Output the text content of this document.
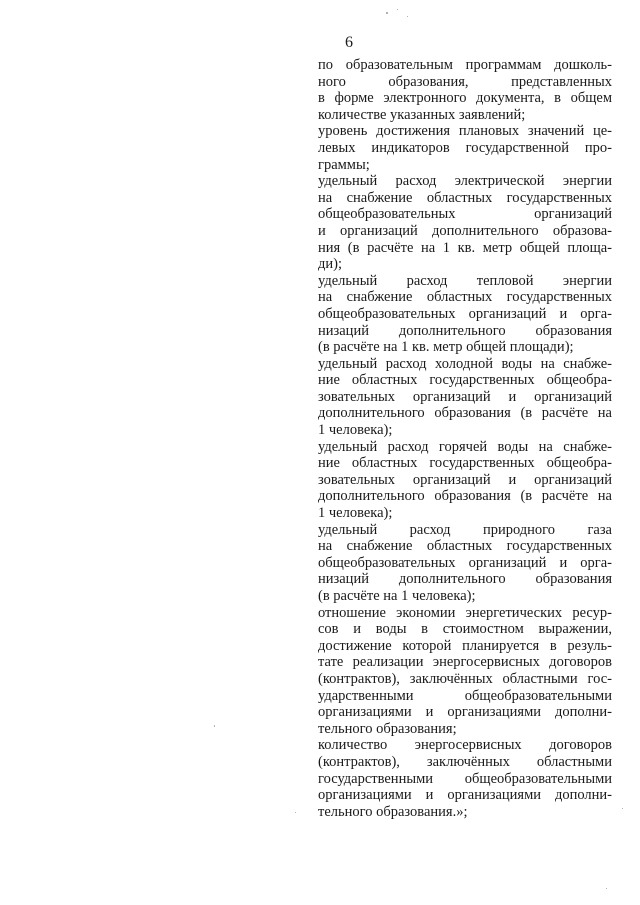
6
по образовательным программам дошколь-
ного образования, представленных
в форме электронного документа, в общем
количестве указанных заявлений;
уровень достижения плановых значений це-
левых индикаторов государственной про-
граммы;
удельный расход электрической энергии
на снабжение областных государственных
общеобразовательных организаций
и организаций дополнительного образова-
ния (в расчёте на 1 кв. метр общей площа-
ди);
удельный расход тепловой энергии
на снабжение областных государственных
общеобразовательных организаций и орга-
низаций дополнительного образования
(в расчёте на 1 кв. метр общей площади);
удельный расход холодной воды на снабже-
ние областных государственных общеобра-
зовательных организаций и организаций
дополнительного образования (в расчёте на
1 человека);
удельный расход горячей воды на снабже-
ние областных государственных общеобра-
зовательных организаций и организаций
дополнительного образования (в расчёте на
1 человека);
удельный расход природного газа
на снабжение областных государственных
общеобразовательных организаций и орга-
низаций дополнительного образования
(в расчёте на 1 человека);
отношение экономии энергетических ресур-
сов и воды в стоимостном выражении,
достижение которой планируется в резуль-
тате реализации энергосервисных договоров
(контрактов), заключённых областными гос-
ударственными общеобразовательными
организациями и организациями дополни-
тельного образования;
количество энергосервисных договоров
(контрактов), заключённых областными
государственными общеобразовательными
организациями и организациями дополни-
тельного образования.»;
